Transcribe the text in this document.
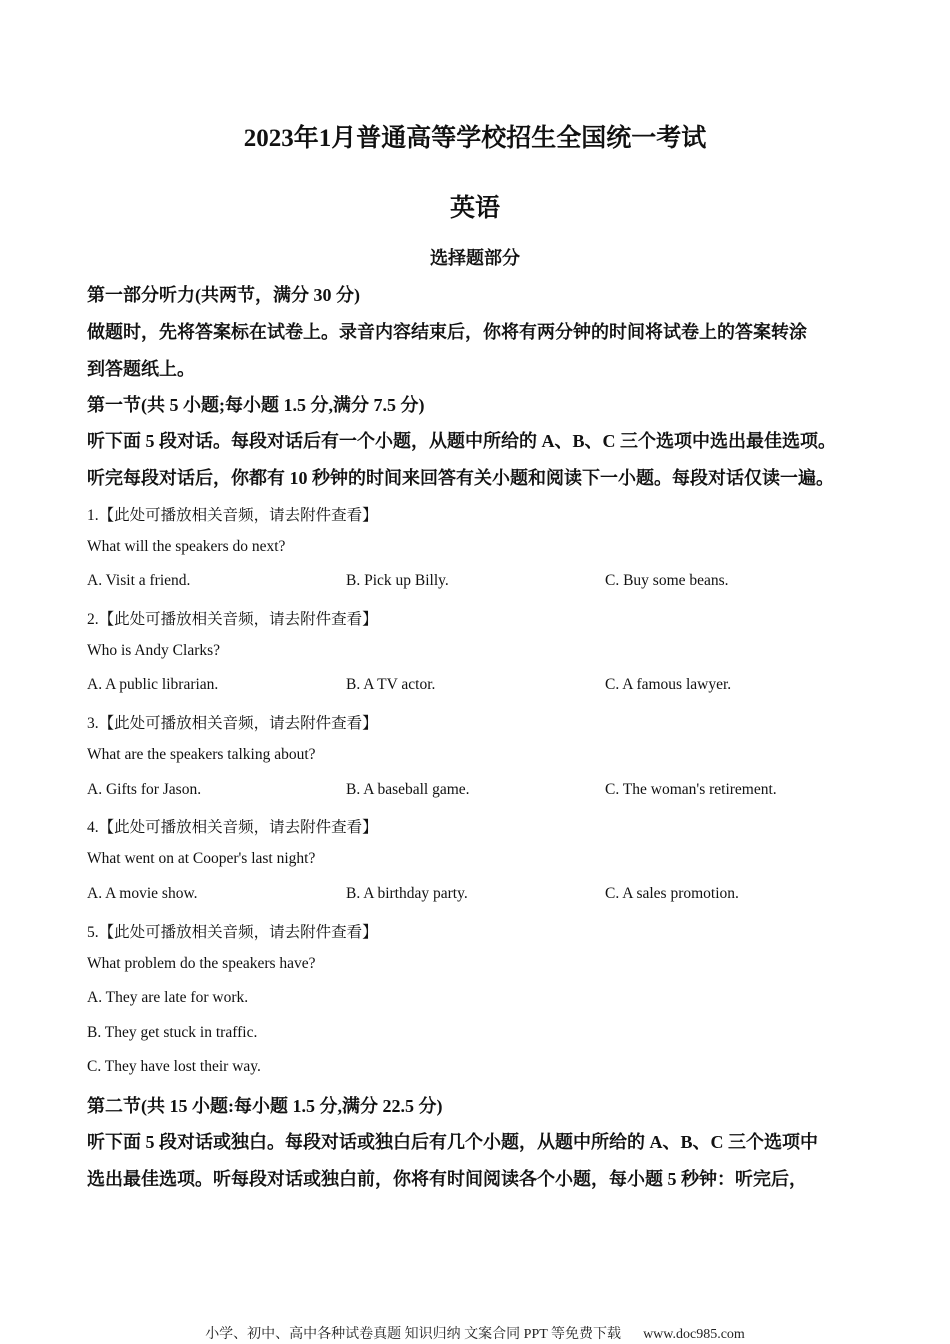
2023年1月普通高等学校招生全国统一考试
英语
选择题部分
第一部分听力(共两节，满分 30 分)
做题时，先将答案标在试卷上。录音内容结束后，你将有两分钟的时间将试卷上的答案转涂
到答题纸上。
第一节(共 5 小题;每小题 1.5 分,满分 7.5 分)
听下面 5 段对话。每段对话后有一个小题，从题中所给的 A、B、C 三个选项中选出最佳选项。
听完每段对话后，你都有 10 秒钟的时间来回答有关小题和阅读下一小题。每段对话仅读一遍。
1.【此处可播放相关音频，请去附件查看】
What will the speakers do next?
A. Visit a friend.	B. Pick up Billy.	C. Buy some beans.
2.【此处可播放相关音频，请去附件查看】
Who is Andy Clarks?
A. A public librarian.	B. A TV actor.	C. A famous lawyer.
3.【此处可播放相关音频，请去附件查看】
What are the speakers talking about?
A. Gifts for Jason.	B. A baseball game.	C. The woman's retirement.
4.【此处可播放相关音频，请去附件查看】
What went on at Cooper's last night?
A. A movie show.	B. A birthday party.	C. A sales promotion.
5.【此处可播放相关音频，请去附件查看】
What problem do the speakers have?
A. They are late for work.
B. They get stuck in traffic.
C. They have lost their way.
第二节(共 15 小题:每小题 1.5 分,满分 22.5 分)
听下面 5 段对话或独白。每段对话或独白后有几个小题，从题中所给的 A、B、C 三个选项中
选出最佳选项。听每段对话或独白前，你将有时间阅读各个小题，每小题 5 秒钟：听完后，
小学、初中、高中各种试卷真题 知识归纳 文案合同 PPT 等免费下载 www.doc985.com
